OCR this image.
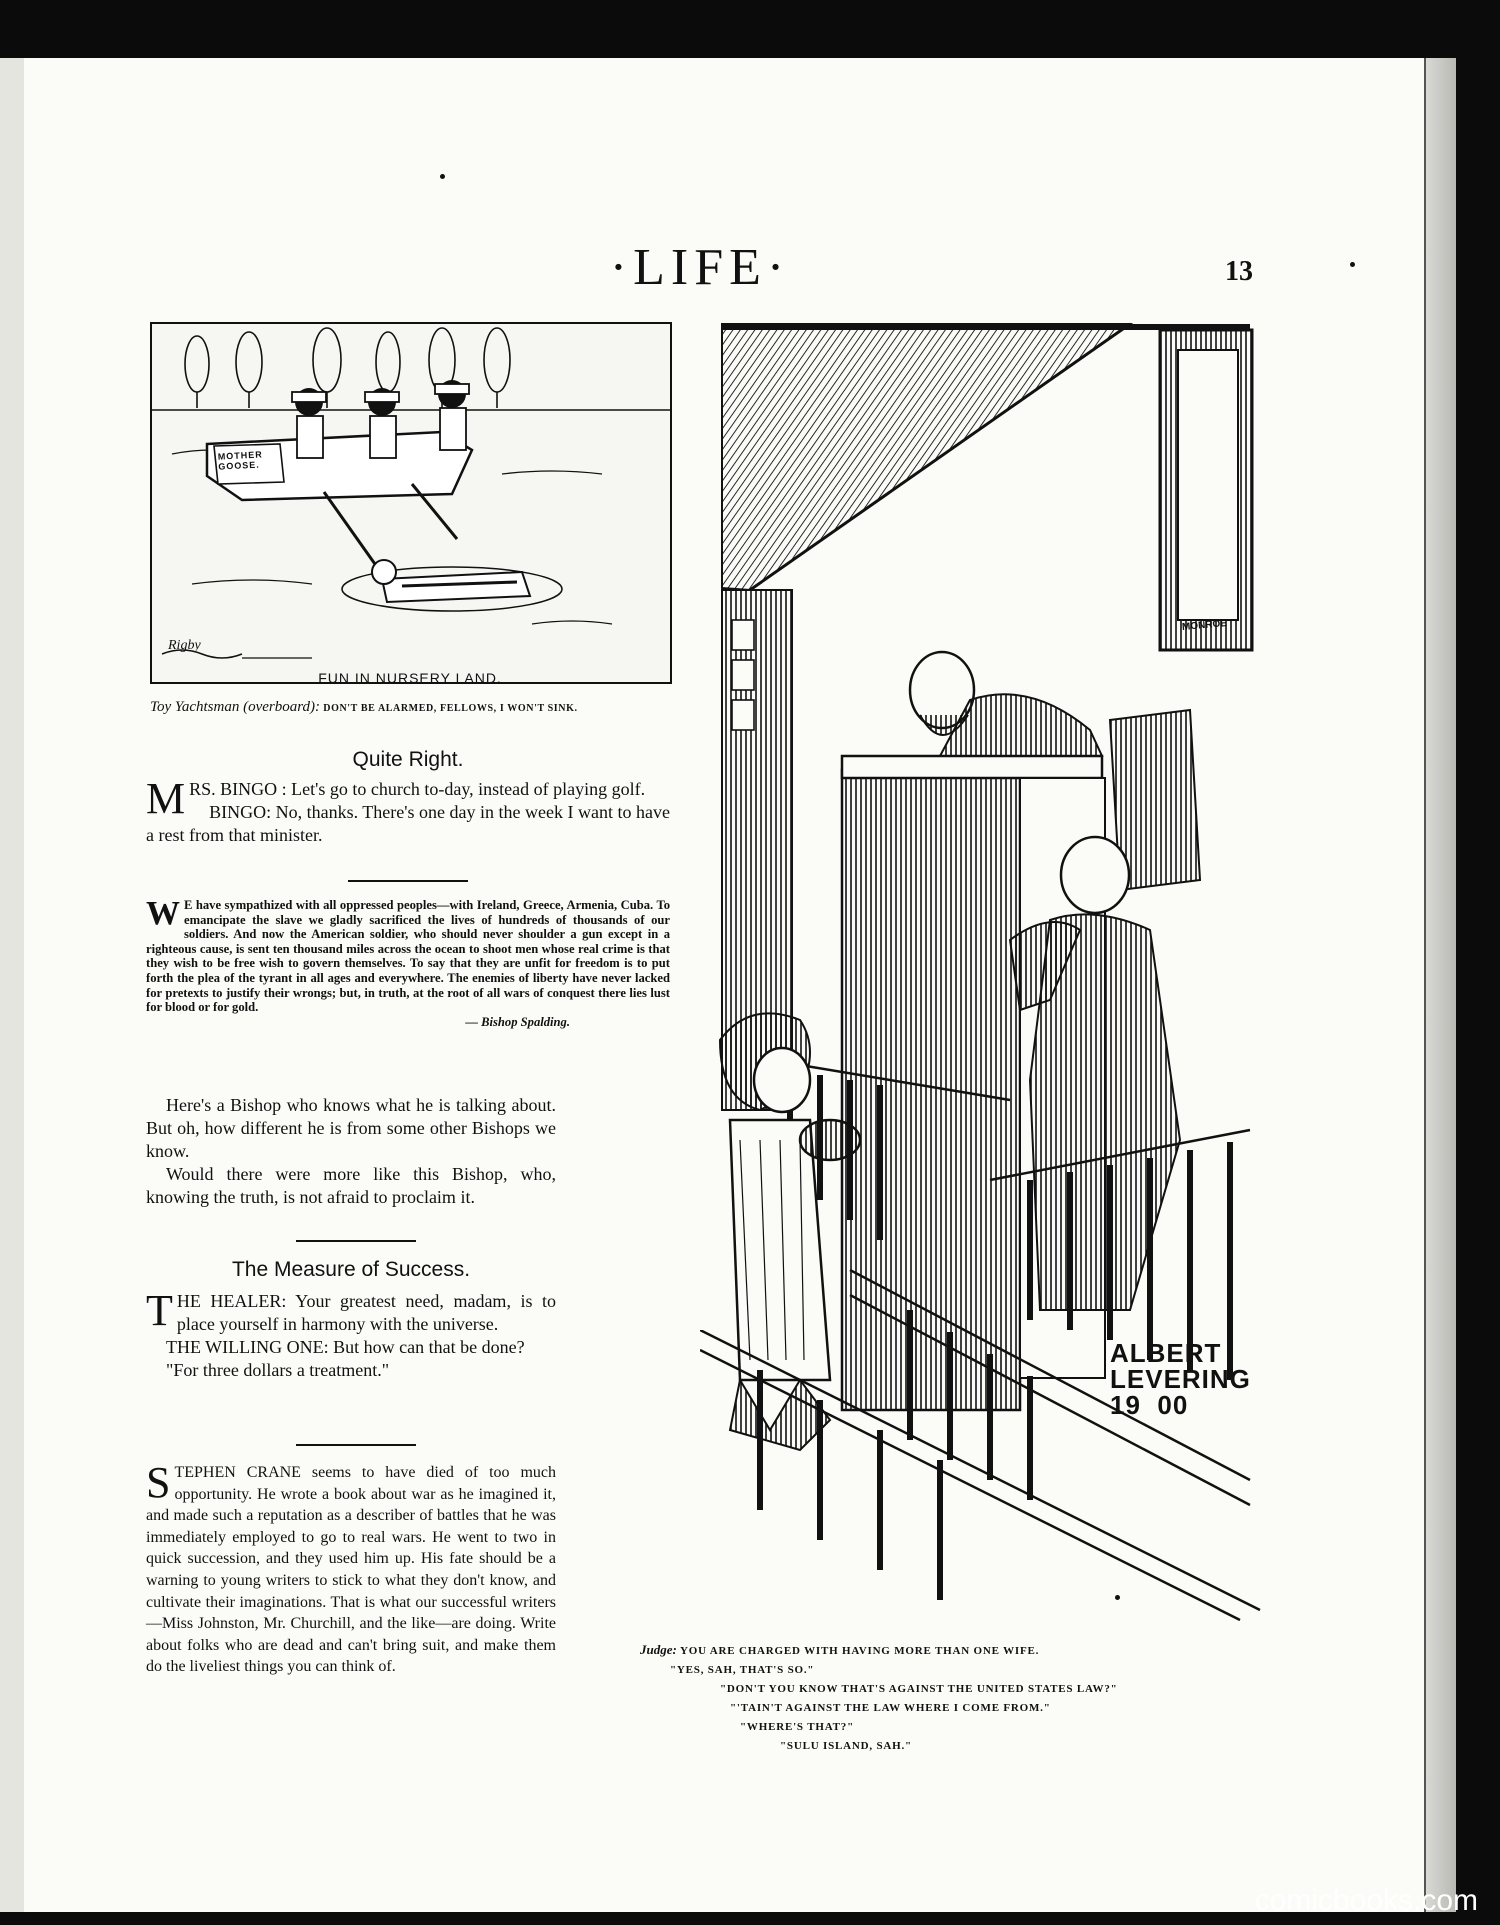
·LIFE·	13
MOTHER GOOSE.
Rigby
FUN IN NURSERY LAND.
Toy Yachtsman (overboard): DON'T BE ALARMED, FELLOWS, I WON'T SINK.
Quite Right.
MRS. BINGO : Let's go to church to-day, instead of playing golf.
BINGO: No, thanks. There's one day in the week I want to have a rest from that minister.
W E have sympathized with all oppressed peoples—with Ireland, Greece, Armenia, Cuba. To emancipate the slave we gladly sacrificed the lives of hundreds of thousands of our soldiers. And now the American soldier, who should never shoulder a gun except in a righteous cause, is sent ten thousand miles across the ocean to shoot men whose real crime is that they wish to be free wish to govern themselves. To say that they are unfit for freedom is to put forth the plea of the tyrant in all ages and everywhere. The enemies of liberty have never lacked for pretexts to justify their wrongs; but, in truth, at the root of all wars of conquest there lies lust for blood or for gold.
— Bishop Spalding.
Here's a Bishop who knows what he is talking about. But oh, how different he is from some other Bishops we know.
Would there were more like this Bishop, who, knowing the truth, is not afraid to proclaim it.
The Measure of Success.
THE HEALER: Your greatest need, madam, is to place yourself in harmony with the universe.
THE WILLING ONE: But how can that be done?
"For three dollars a treatment."
STEPHEN CRANE seems to have died of too much opportunity. He wrote a book about war as he imagined it, and made such a reputation as a describer of battles that he was immediately employed to go to real wars. He went to two in quick succession, and they used him up. His fate should be a warning to young writers to stick to what they don't know, and cultivate their imaginations. That is what our successful writers—Miss Johnston, Mr. Churchill, and the like—are doing. Write about folks who are dead and can't bring suit, and make them do the liveliest things you can think of.
MONROE
ALBERT
LEVERING
19  00
Judge: YOU ARE CHARGED WITH HAVING MORE THAN ONE WIFE.
"YES, SAH, THAT'S SO."
"DON'T YOU KNOW THAT'S AGAINST THE UNITED STATES LAW?"
"'TAIN'T AGAINST THE LAW WHERE I COME FROM."
"WHERE'S THAT?"
"SULU ISLAND, SAH."
comicbooks.com
